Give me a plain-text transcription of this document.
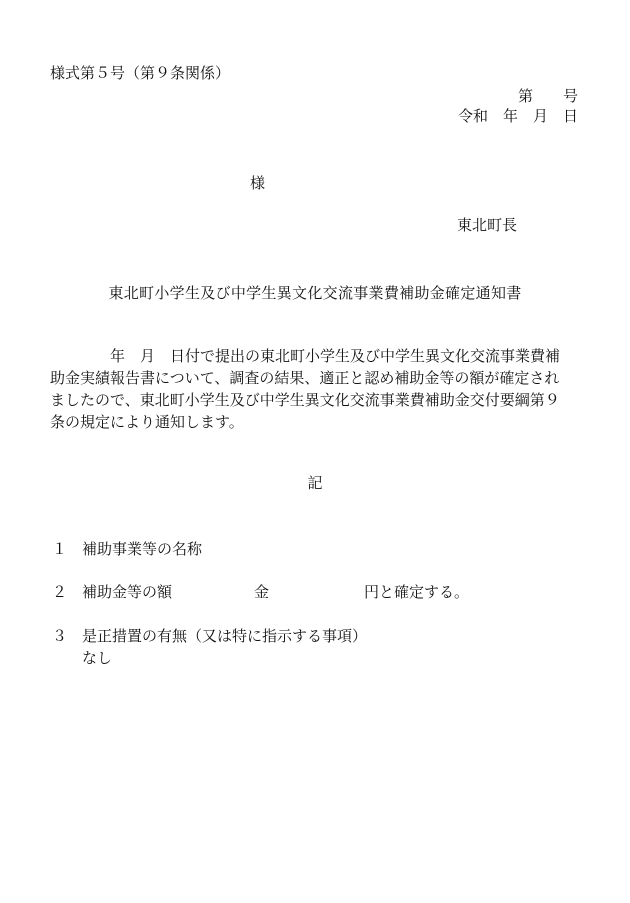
様式第５号（第９条関係）
第　　号
令和　年　月　日
様
東北町長
東北町小学生及び中学生異文化交流事業費補助金確定通知書
　　　　年　月　日付で提出の東北町小学生及び中学生異文化交流事業費補
助金実績報告書について、調査の結果、適正と認め補助金等の額が確定され
ましたので、東北町小学生及び中学生異文化交流事業費補助金交付要綱第９
条の規定により通知します。
記
１ 補助事業等の名称
２ 補助金等の額	金	円と確定する。
３ 是正措置の有無（又は特に指示する事項）
なし
